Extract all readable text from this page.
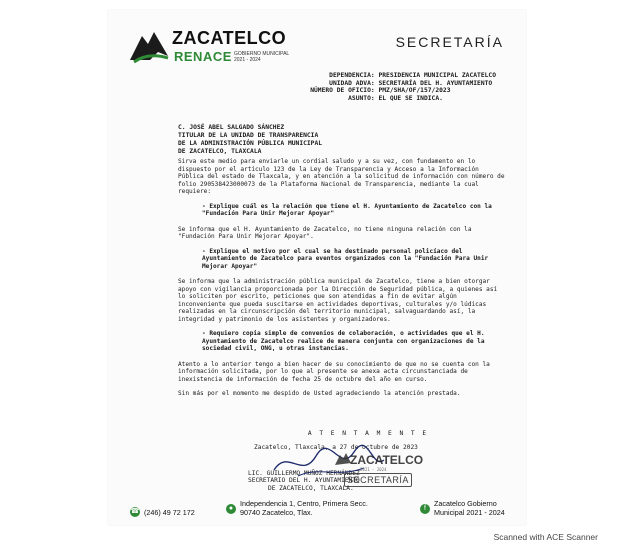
ZACATELCO
RENACE GOBIERNO MUNICIPAL
2021 - 2024
SECRETARÍA
DEPENDENCIA: PRESIDENCIA MUNICIPAL ZACATELCO
UNIDAD ADVA: SECRETARÍA DEL H. AYUNTAMIENTO
NÚMERO DE OFICIO: PMZ/SHA/OF/157/2023
ASUNTO: EL QUE SE INDICA.
C. JOSÉ ABEL SALGADO SÁNCHEZ
TITULAR DE LA UNIDAD DE TRANSPARENCIA
DE LA ADMINISTRACIÓN PÚBLICA MUNICIPAL
DE ZACATELCO, TLAXCALA

Sirva este medio para enviarle un cordial saludo y a su vez, con fundamento en lo dispuesto por el artículo 123 de la Ley de Transparencia y Acceso a la Información Pública del estado de Tlaxcala, y en atención a la solicitud de información con número de folio 290538423000073 de la Plataforma Nacional de Transparencia, mediante la cual requiere:

- Explique cuál es la relación que tiene el H. Ayuntamiento de Zacatelco con la "Fundación Para Unir Mejorar Apoyar"

Se informa que el H. Ayuntamiento de Zacatelco, no tiene ninguna relación con la "Fundación Para Unir Mejorar Apoyar".

- Explique el motivo por el cual se ha destinado personal policíaco del Ayuntamiento de Zacatelco para eventos organizados con la "Fundación Para Unir Mejorar Apoyar"

Se informa que la administración pública municipal de Zacatelco, tiene a bien otorgar apoyo con vigilancia proporcionada por la Dirección de Seguridad pública, a quienes así lo soliciten por escrito, peticiones que son atendidas a fin de evitar algún inconveniente que pueda suscitarse en actividades deportivas, culturales y/o lúdicas realizadas en la circunscripción del territorio municipal, salvaguardando así, la integridad y patrimonio de los asistentes y organizadores.

- Requiero copia simple de convenios de colaboración, o actividades que el H. Ayuntamiento de Zacatelco realice de manera conjunta con organizaciones de la sociedad civil, ONG, u otras instancias.

Atento a lo anterior tengo a bien hacer de su conocimiento de que no se cuenta con la información solicitada, por lo que al presente se anexa acta circunstanciada de inexistencia de información de fecha 25 de octubre del año en curso.

Sin más por el momento me despido de Usted agradeciendo la atención prestada.

A T E N T A M E N T E
Zacatelco, Tlaxcala, a 27 de octubre de 2023
LIC. GUILLERMO MUÑOZ HERNÁNDEZ
SECRETARIO DEL H. AYUNTAMIENTO
DE ZACATELCO, TLAXCALA.
ZACATELCO
2021 - 2024
SECRETARÍA
☎ (246) 49 72 172	● Independencia 1, Centro, Primera Secc.
90740 Zacatelco, Tlax.	f	Zacatelco Gobierno
Municipal 2021 - 2024
Scanned with ACE Scanner
